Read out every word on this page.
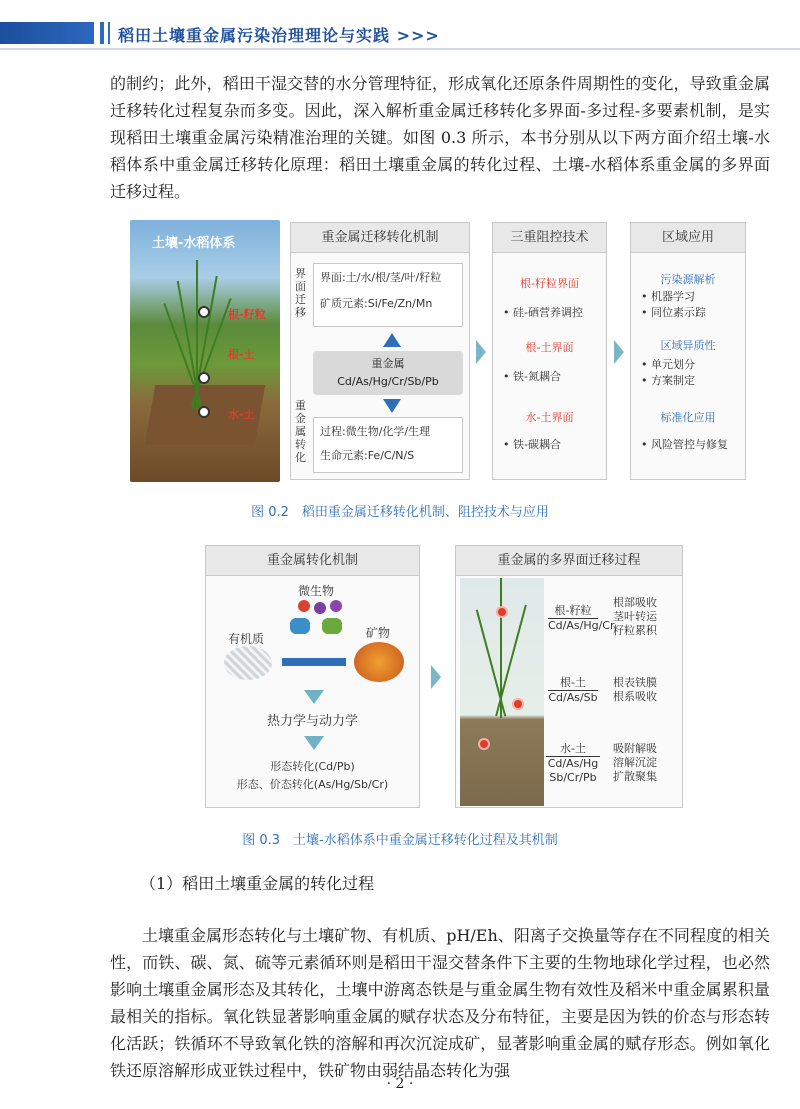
稻田土壤重金属污染治理理论与实践 >>>

的制约；此外，稻田干湿交替的水分管理特征，形成氧化还原条件周期性的变化，导致重金属迁移转化过程复杂而多变。因此，深入解析重金属迁移转化多界面-多过程-多要素机制，是实现稻田土壤重金属污染精准治理的关键。如图 0.3 所示，本书分别从以下两方面介绍土壤-水稻体系中重金属迁移转化原理：稻田土壤重金属的转化过程、土壤-水稻体系重金属的多界面迁移过程。

土壤-水稻体系
根-籽粒
根-土
水-土
重金属迁移转化机制
界面迁移
界面:土/水/根/茎/叶/籽粒
矿质元素:Si/Fe/Zn/Mn
重金属
Cd/As/Hg/Cr/Sb/Pb
重金属转化
过程:微生物/化学/生理
生命元素:Fe/C/N/S
三重阻控技术
根-籽粒界面
• 硅-硒营养调控
根-土界面
• 铁-氮耦合
水-土界面
• 铁-碳耦合
区域应用
污染源解析
• 机器学习
• 同位素示踪
区域异质性
• 单元划分
• 方案制定
标准化应用
• 风险管控与修复
图 0.2　稻田重金属迁移转化机制、阻控技术与应用
重金属转化机制
微生物
有机质	矿物
热力学与动力学
形态转化(Cd/Pb)
形态、价态转化(As/Hg/Sb/Cr)
重金属的多界面迁移过程
根-籽粒
Cd/As/Hg/Cr
根部吸收 茎叶转运 籽粒累积
根-土
Cd/As/Sb
根表铁膜 根系吸收
水-土
Cd/As/Hg Sb/Cr/Pb
吸附解吸 溶解沉淀 扩散聚集
图 0.3　土壤-水稻体系中重金属迁移转化过程及其机制
（1）稻田土壤重金属的转化过程

土壤重金属形态转化与土壤矿物、有机质、pH/Eh、阳离子交换量等存在不同程度的相关性，而铁、碳、氮、硫等元素循环则是稻田干湿交替条件下主要的生物地球化学过程，也必然影响土壤重金属形态及其转化，土壤中游离态铁是与重金属生物有效性及稻米中重金属累积量最相关的指标。氧化铁显著影响重金属的赋存状态及分布特征，主要是因为铁的价态与形态转化活跃；铁循环不导致氧化铁的溶解和再次沉淀成矿，显著影响重金属的赋存形态。例如氧化铁还原溶解形成亚铁过程中，铁矿物由弱结晶态转化为强

· 2 ·
